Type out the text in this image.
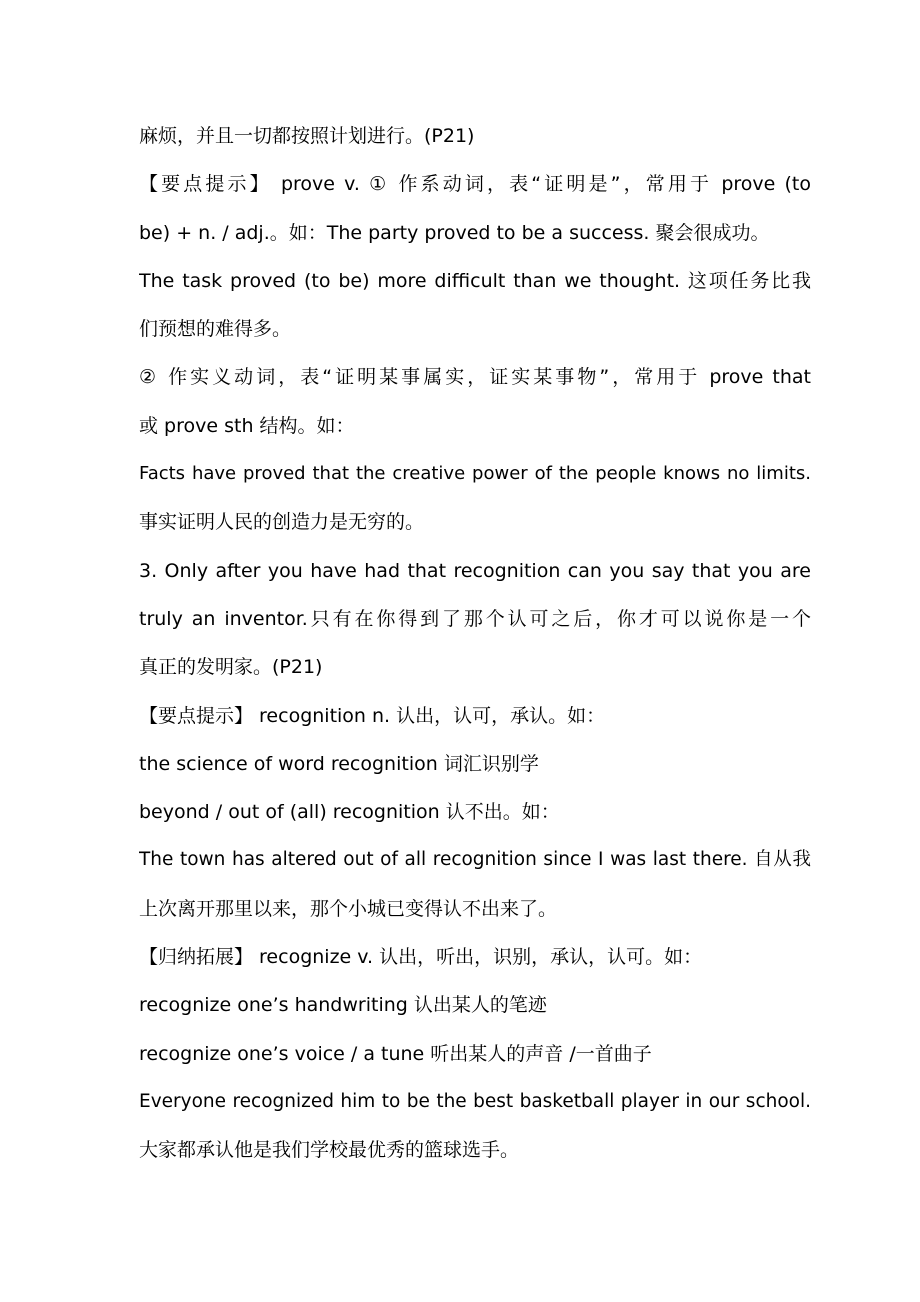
麻烦，并且一切都按照计划进行。(P21)
【要点提示】 prove v. ① 作系动词，表“证明是”，常用于 prove (to
be) + n. / adj.。如：The party proved to be a success. 聚会很成功。
The task proved (to be) more difficult than we thought. 这项任务比我
们预想的难得多。
② 作实义动词，表“证明某事属实，证实某事物”，常用于 prove that
或 prove sth 结构。如：
Facts have proved that the creative power of the people knows no limits.
事实证明人民的创造力是无穷的。
3. Only after you have had that recognition can you say that you are
truly an inventor.只有在你得到了那个认可之后，你才可以说你是一个
真正的发明家。(P21)
【要点提示】 recognition n. 认出，认可，承认。如：
the science of word recognition 词汇识别学
beyond / out of (all) recognition 认不出。如：
The town has altered out of all recognition since I was last there. 自从我
上次离开那里以来，那个小城已变得认不出来了。
【归纳拓展】 recognize v. 认出，听出，识别，承认，认可。如：
recognize one’s handwriting 认出某人的笔迹
recognize one’s voice / a tune 听出某人的声音 /一首曲子
Everyone recognized him to be the best basketball player in our school.
大家都承认他是我们学校最优秀的篮球选手。
